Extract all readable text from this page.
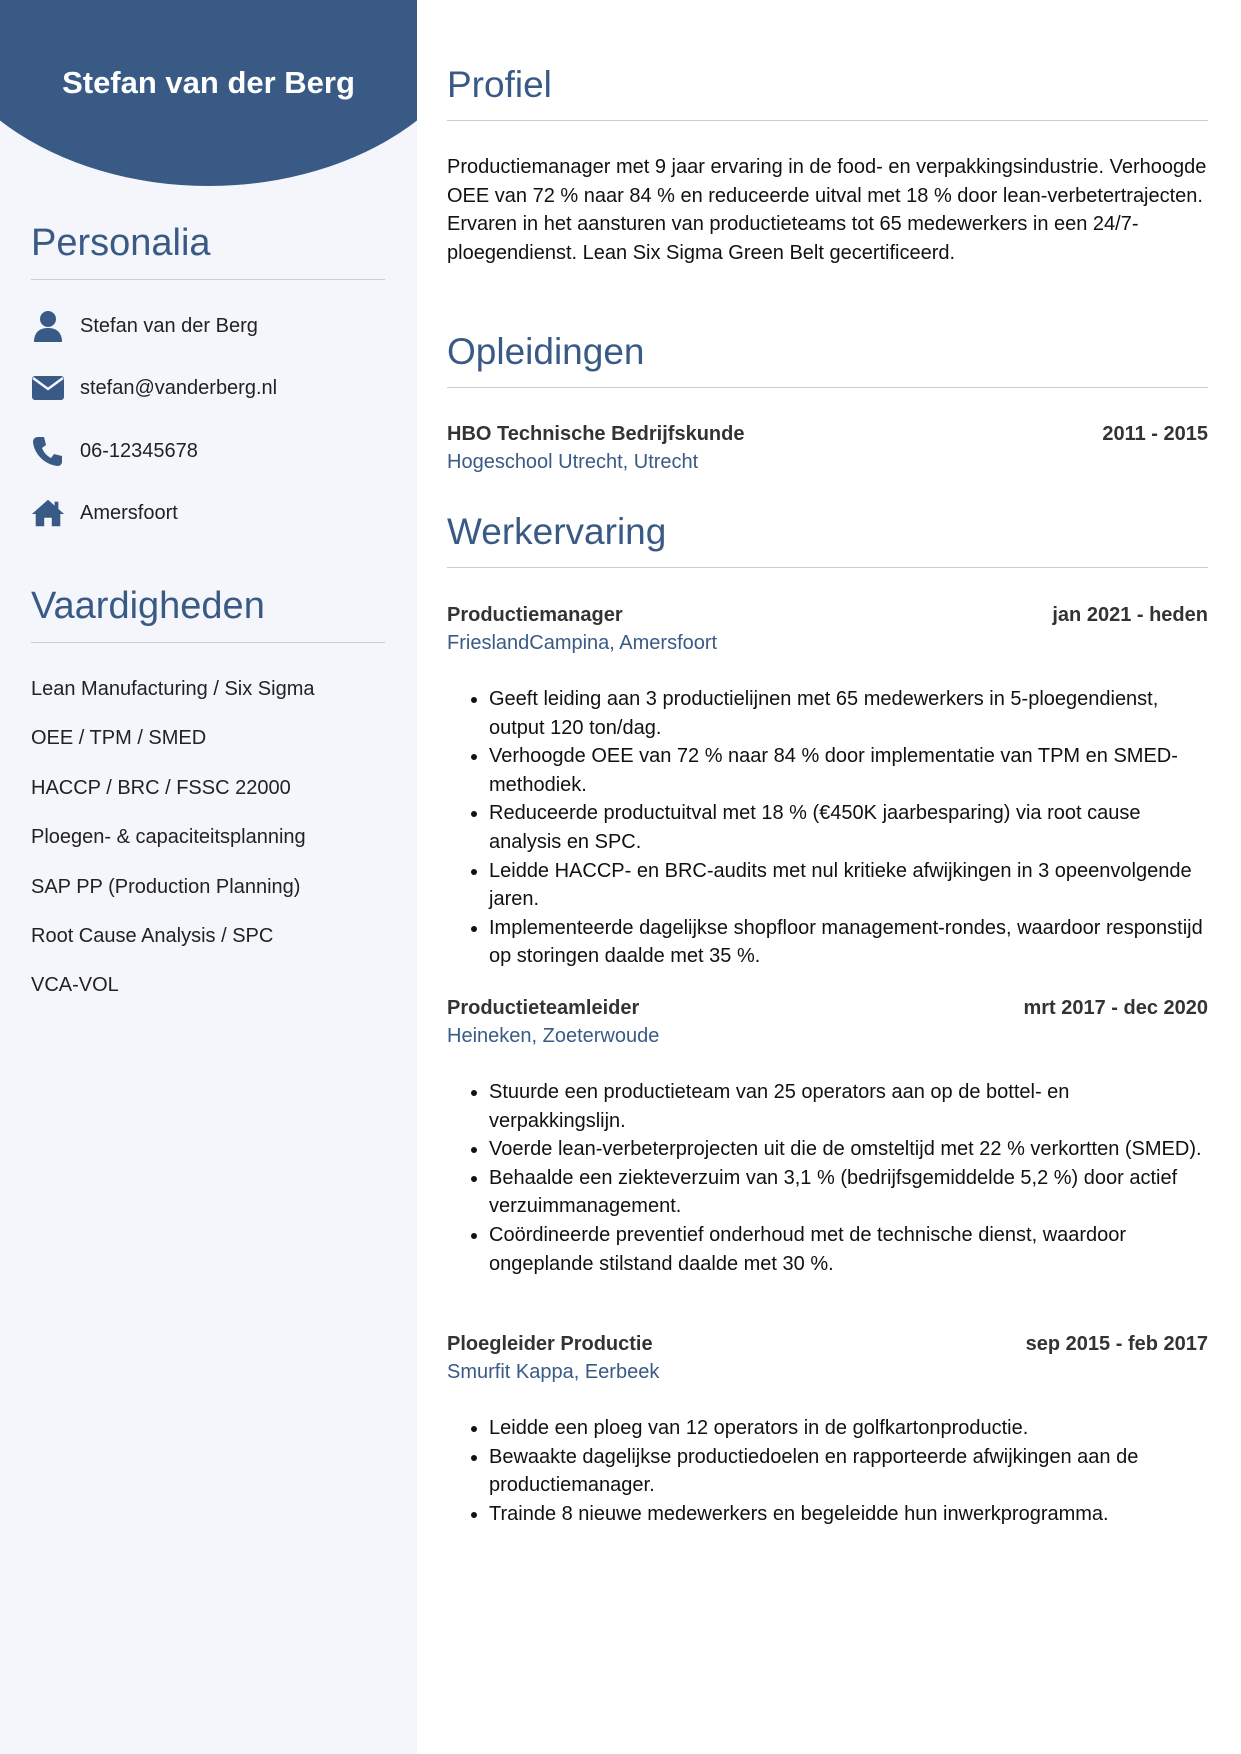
Stefan van der Berg
Personalia
Stefan van der Berg
stefan@vanderberg.nl
06-12345678
Amersfoort
Vaardigheden
Lean Manufacturing / Six Sigma
OEE / TPM / SMED
HACCP / BRC / FSSC 22000
Ploegen- & capaciteitsplanning
SAP PP (Production Planning)
Root Cause Analysis / SPC
VCA-VOL
Profiel

Productiemanager met 9 jaar ervaring in de food- en verpakkingsindustrie. Verhoogde OEE van 72 % naar 84 % en reduceerde uitval met 18 % door lean-verbetertrajecten. Ervaren in het aansturen van productieteams tot 65 medewerkers in een 24/7-ploegendienst. Lean Six Sigma Green Belt gecertificeerd.

Opleidingen
HBO Technische Bedrijfskunde	2011 - 2015
Hogeschool Utrecht, Utrecht
Werkervaring
Productiemanager	jan 2021 - heden
FrieslandCampina, Amersfoort
• Geeft leiding aan 3 productielijnen met 65 medewerkers in 5-ploegendienst, output 120 ton/dag.
• Verhoogde OEE van 72 % naar 84 % door implementatie van TPM en SMED-methodiek.
• Reduceerde productuitval met 18 % (€450K jaarbesparing) via root cause analysis en SPC.
• Leidde HACCP- en BRC-audits met nul kritieke afwijkingen in 3 opeenvolgende jaren.
• Implementeerde dagelijkse shopfloor management-rondes, waardoor responstijd op storingen daalde met 35 %.
Productieteamleider	mrt 2017 - dec 2020
Heineken, Zoeterwoude
• Stuurde een productieteam van 25 operators aan op de bottel- en verpakkingslijn.
• Voerde lean-verbeterprojecten uit die de omsteltijd met 22 % verkortten (SMED).
• Behaalde een ziekteverzuim van 3,1 % (bedrijfsgemiddelde 5,2 %) door actief verzuimmanagement.
• Coördineerde preventief onderhoud met de technische dienst, waardoor ongeplande stilstand daalde met 30 %.
Ploegleider Productie	sep 2015 - feb 2017
Smurfit Kappa, Eerbeek
• Leidde een ploeg van 12 operators in de golfkartonproductie.
• Bewaakte dagelijkse productiedoelen en rapporteerde afwijkingen aan de productiemanager.
• Trainde 8 nieuwe medewerkers en begeleidde hun inwerkprogramma.
